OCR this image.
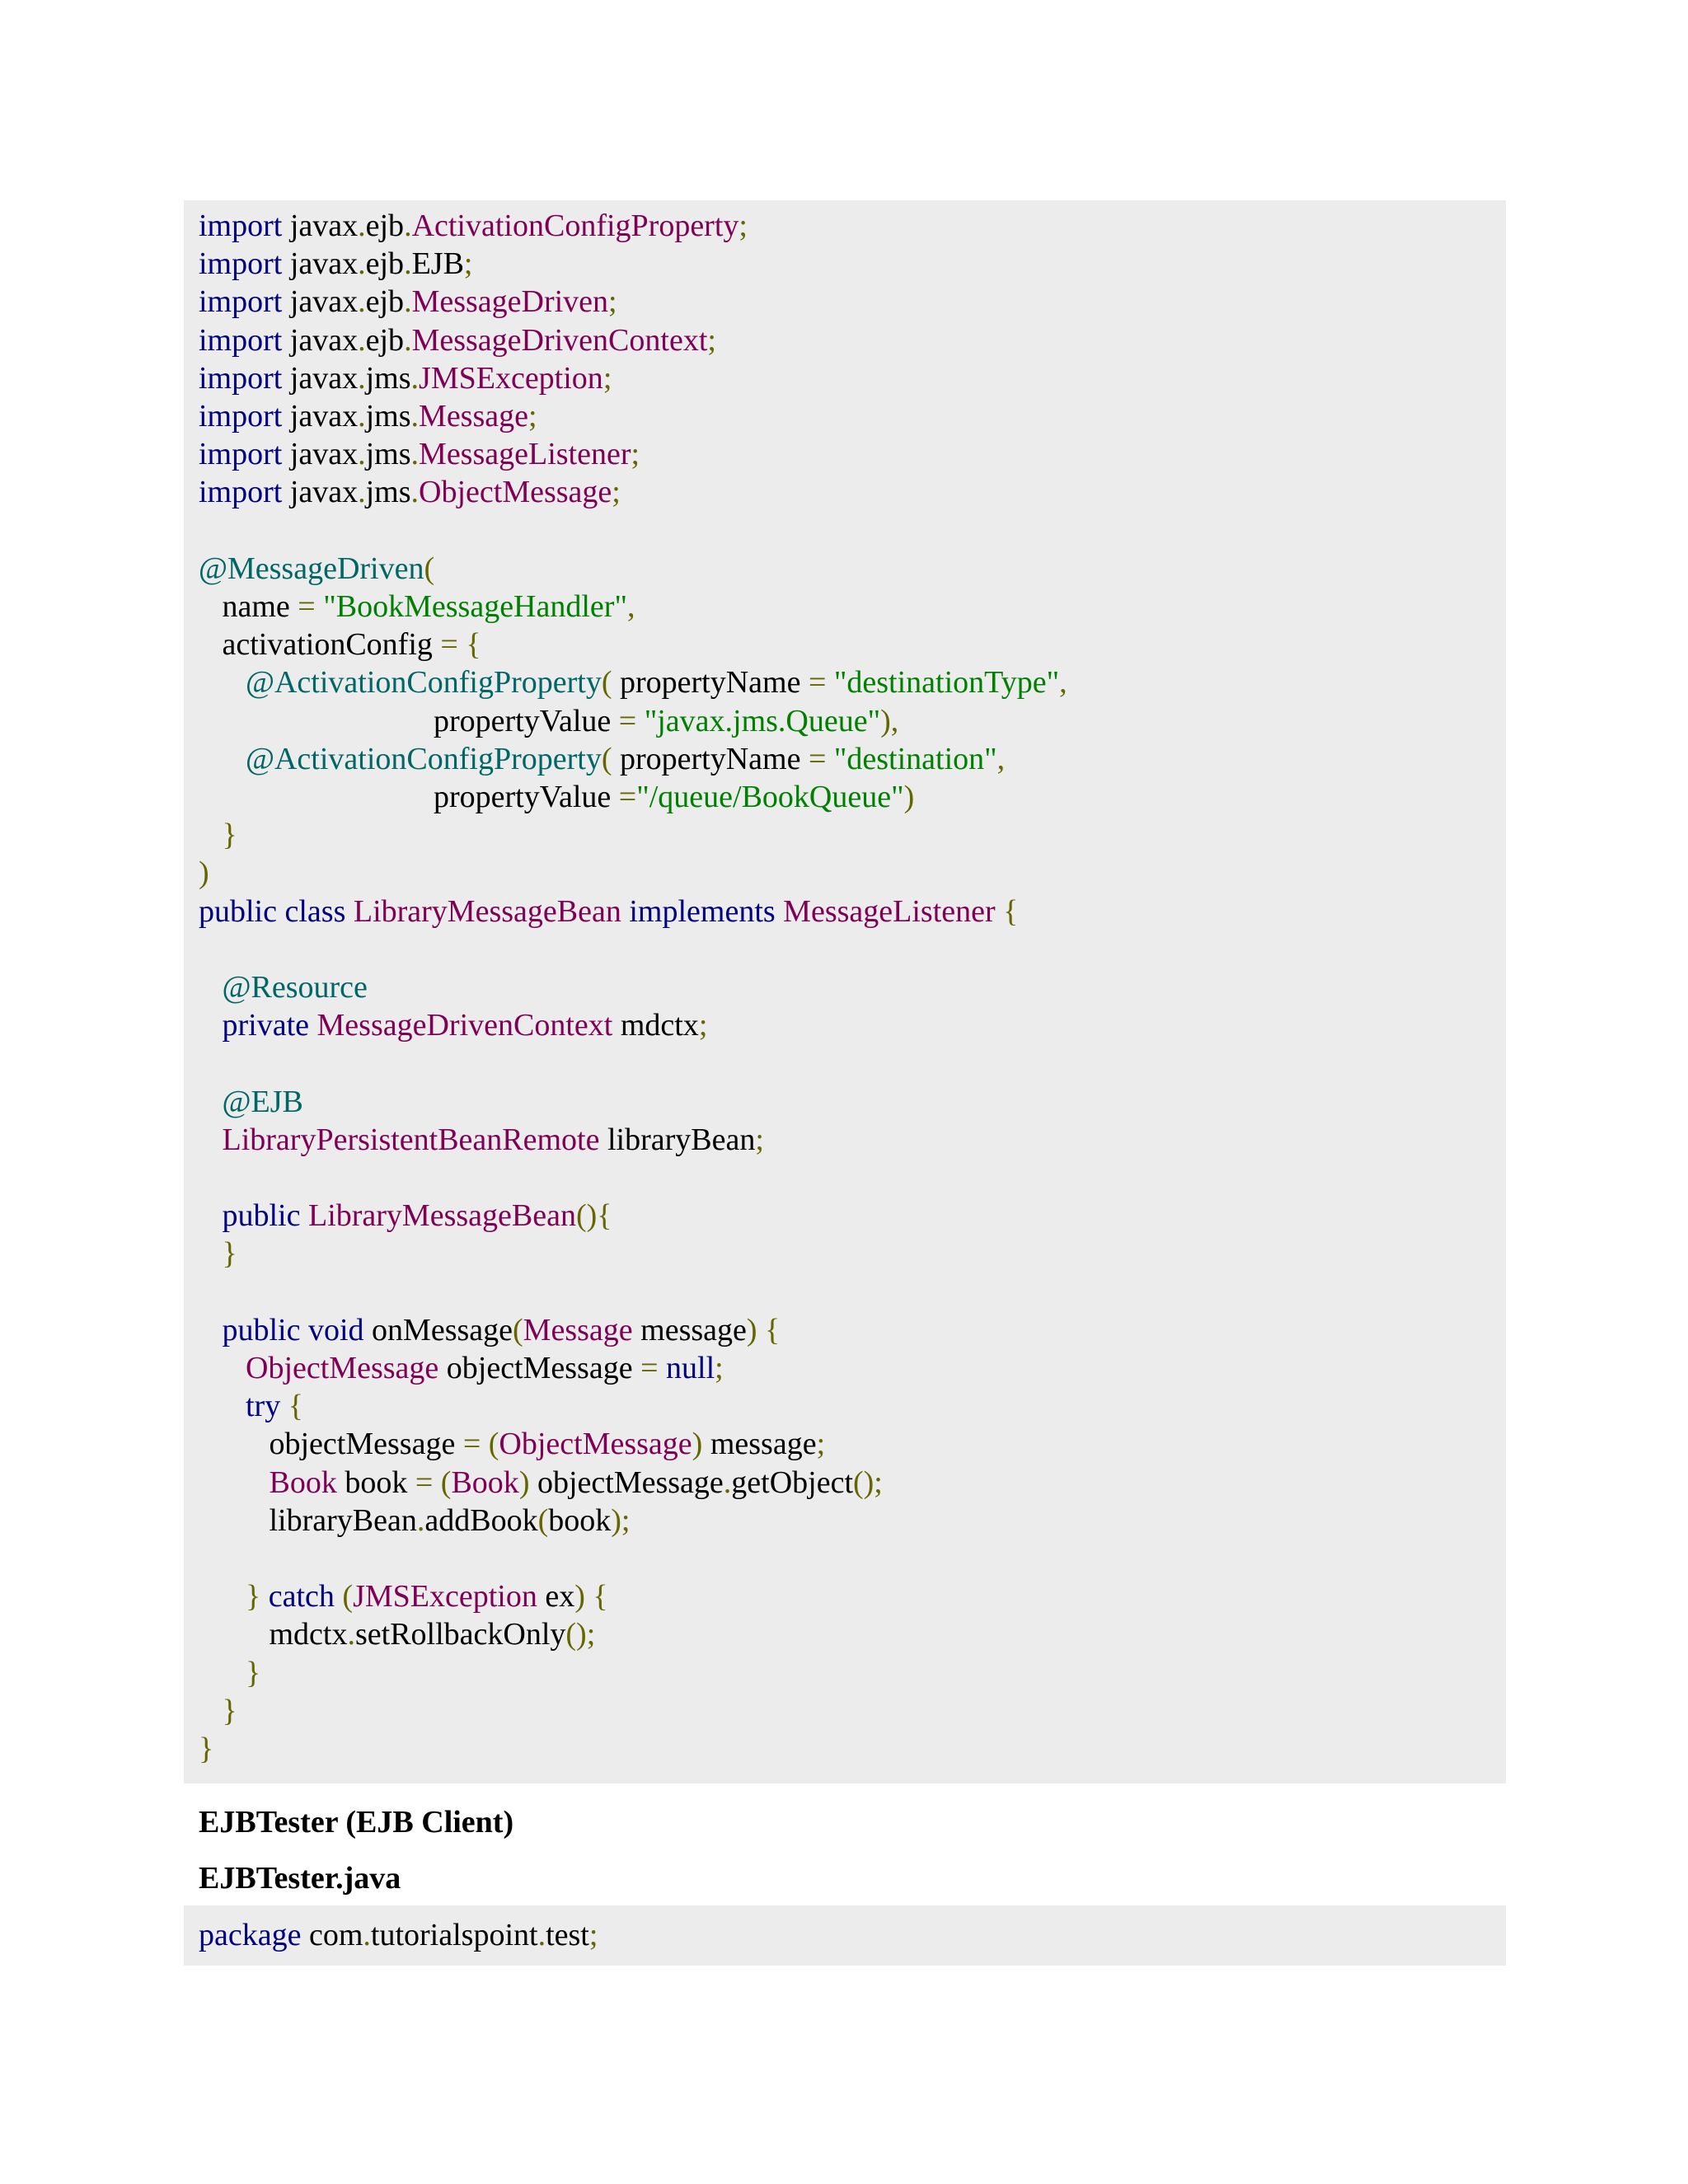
import javax.ejb.ActivationConfigProperty;
import javax.ejb.EJB;
import javax.ejb.MessageDriven;
import javax.ejb.MessageDrivenContext;
import javax.jms.JMSException;
import javax.jms.Message;
import javax.jms.MessageListener;
import javax.jms.ObjectMessage;
@MessageDriven(
name = "BookMessageHandler",
activationConfig = {
@ActivationConfigProperty( propertyName = "destinationType",
propertyValue = "javax.jms.Queue"),
@ActivationConfigProperty( propertyName = "destination",
propertyValue ="/queue/BookQueue")
}
)
public class LibraryMessageBean implements MessageListener {
@Resource
private MessageDrivenContext mdctx;
@EJB
LibraryPersistentBeanRemote libraryBean;
public LibraryMessageBean(){
}
public void onMessage(Message message) {
ObjectMessage objectMessage = null;
try {
objectMessage = (ObjectMessage) message;
Book book = (Book) objectMessage.getObject();
libraryBean.addBook(book);
} catch (JMSException ex) {
mdctx.setRollbackOnly();
}
}
}
EJBTester (EJB Client)
EJBTester.java
package com.tutorialspoint.test;
